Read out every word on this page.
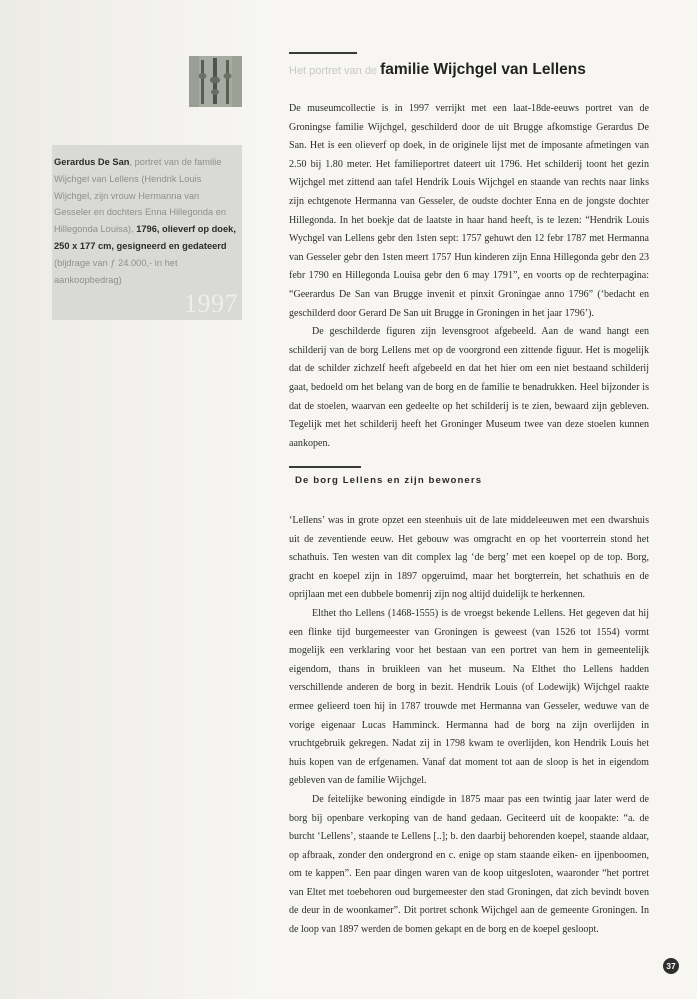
Gerardus De San, portret van de familie Wijchgel van Lellens (Hendrik Louis Wijchgel, zijn vrouw Hermanna van Gesseler en dochters Enna Hillegonda en Hillegonda Louisa), 1796, olieverf op doek, 250 x 177 cm, gesigneerd en gedateerd (bijdrage van ƒ 24.000,- in het aankoopbedrag)
1997
Het portret van de familie Wijchgel van Lellens

De museumcollectie is in 1997 verrijkt met een laat-18de-eeuws portret van de Groningse familie Wijchgel, geschilderd door de uit Brugge afkomstige Gerardus De San. Het is een olieverf op doek, in de originele lijst met de imposante afmetingen van 2.50 bij 1.80 meter. Het familieportret dateert uit 1796. Het schilderij toont het gezin Wijchgel met zittend aan tafel Hendrik Louis Wijchgel en staande van rechts naar links zijn echtgenote Hermanna van Gesseler, de oudste dochter Enna en de jongste dochter Hillegonda. In het boekje dat de laatste in haar hand heeft, is te lezen: “Hendrik Louis Wychgel van Lellens gebr den 1sten sept: 1757 gehuwt den 12 febr 1787 met Hermanna van Gesseler gebr den 1sten meert 1757 Hun kinderen zijn Enna Hillegonda gebr den 23 febr 1790 en Hillegonda Louisa gebr den 6 may 1791”, en voorts op de rechterpagina: “Geerardus De San van Brugge invenit et pinxit Groningae anno 1796” (‘bedacht en geschilderd door Gerard De San uit Brugge in Groningen in het jaar 1796’).

De geschilderde figuren zijn levensgroot afgebeeld. Aan de wand hangt een schilderij van de borg Lellens met op de voorgrond een zittende figuur. Het is mogelijk dat de schilder zichzelf heeft afgebeeld en dat het hier om een niet bestaand schilderij gaat, bedoeld om het belang van de borg en de familie te benadrukken. Heel bijzonder is dat de stoelen, waarvan een gedeelte op het schilderij is te zien, bewaard zijn gebleven. Tegelijk met het schilderij heeft het Groninger Museum twee van deze stoelen kunnen aankopen.

De borg Lellens en zijn bewoners

‘Lellens’ was in grote opzet een steenhuis uit de late middeleeuwen met een dwarshuis uit de zeventiende eeuw. Het gebouw was omgracht en op het voorterrein stond het schathuis. Ten westen van dit complex lag ‘de berg’ met een koepel op de top. Borg, gracht en koepel zijn in 1897 opgeruimd, maar het borgterrein, het schathuis en de oprijlaan met een dubbele bomenrij zijn nog altijd duidelijk te herkennen.

Elthet tho Lellens (1468-1555) is de vroegst bekende Lellens. Het gegeven dat hij een flinke tijd burgemeester van Groningen is geweest (van 1526 tot 1554) vormt mogelijk een verklaring voor het bestaan van een portret van hem in gemeentelijk eigendom, thans in bruikleen van het museum. Na Elthet tho Lellens hadden verschillende anderen de borg in bezit. Hendrik Louis (of Lodewijk) Wijchgel raakte ermee gelieerd toen hij in 1787 trouwde met Hermanna van Gesseler, weduwe van de vorige eigenaar Lucas Hamminck. Hermanna had de borg na zijn overlijden in vruchtgebruik gekregen. Nadat zij in 1798 kwam te overlijden, kon Hendrik Louis het huis kopen van de erfgenamen. Vanaf dat moment tot aan de sloop is het in eigendom gebleven van de familie Wijchgel.

De feitelijke bewoning eindigde in 1875 maar pas een twintig jaar later werd de borg bij openbare verkoping van de hand gedaan. Geciteerd uit de koopakte: “a. de burcht ‘Lellens’, staande te Lellens [..]; b. den daarbij behorenden koepel, staande aldaar, op afbraak, zonder den ondergrond en c. enige op stam staande eiken- en ijpenboomen, om te kappen”. Een paar dingen waren van de koop uitgesloten, waaronder “het portret van Eltet met toebehoren oud burgemeester den stad Groningen, dat zich bevindt boven de deur in de woonkamer”. Dit portret schonk Wijchgel aan de gemeente Groningen. In de loop van 1897 werden de bomen gekapt en de borg en de koepel gesloopt.

37
